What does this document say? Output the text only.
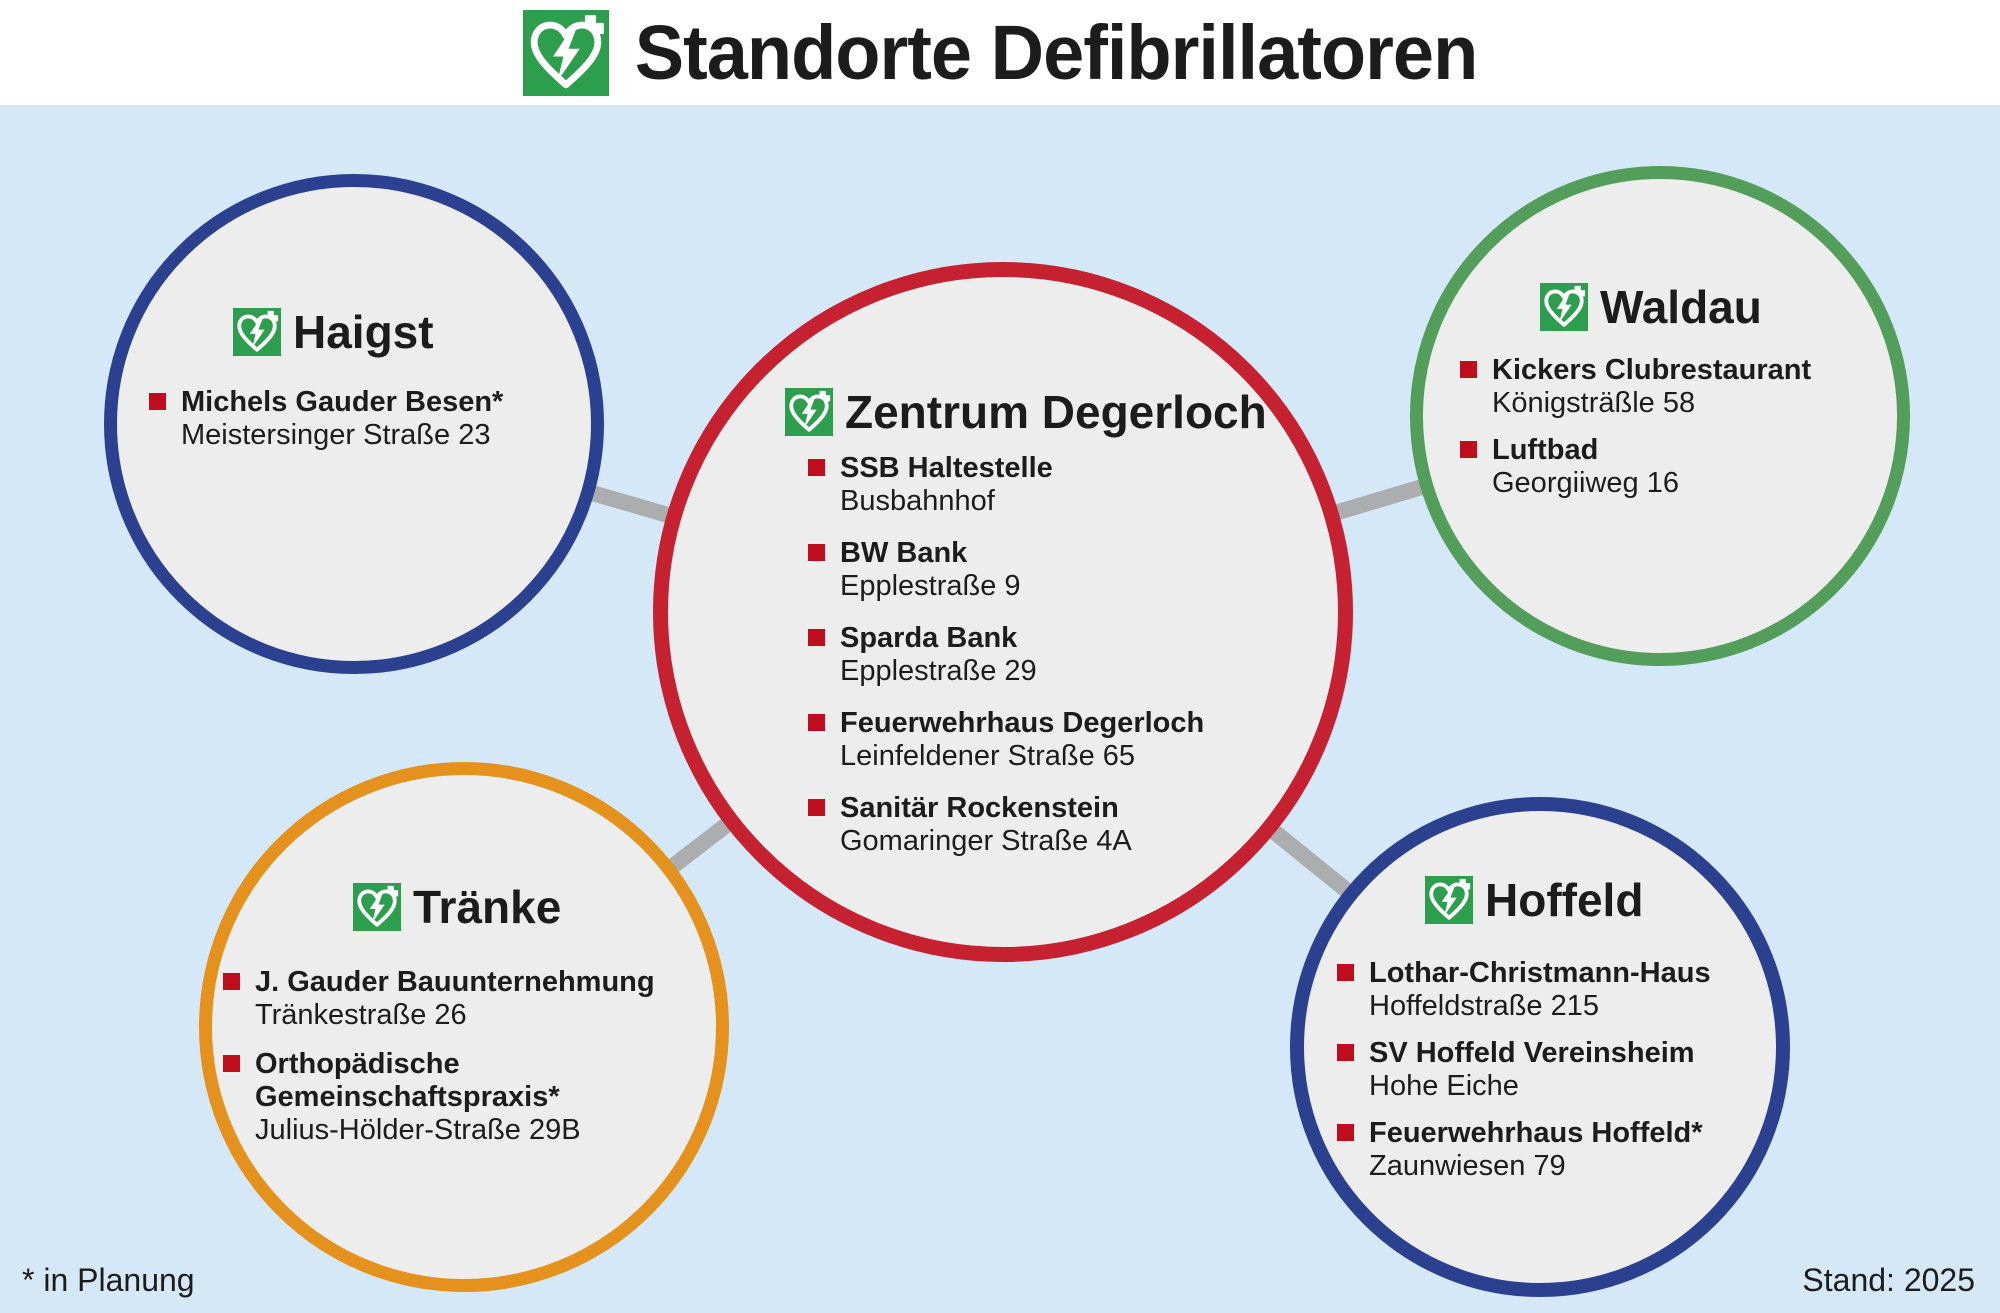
Standorte Defibrillatoren
Haigst
Michels Gauder Besen*
Meistersinger Straße 23	Zentrum Degerloch
SSB Haltestelle
Busbahnhof
BW Bank
Epplestraße 9
Sparda Bank
Epplestraße 29
Feuerwehrhaus Degerloch
Leinfeldener Straße 65
Sanitär Rockenstein
Gomaringer Straße 4A
Waldau
Kickers Clubrestaurant
Königsträßle 58
Luftbad
Georgiiweg 16
Tränke
J. Gauder Bauunternehmung
Tränkestraße 26
Orthopädische Gemeinschaftspraxis*
Julius-Hölder-Straße 29B
Hoffeld
Lothar-Christmann-Haus
Hoffeldstraße 215
SV Hoffeld Vereinsheim
Hohe Eiche
Feuerwehrhaus Hoffeld*
Zaunwiesen 79
* in Planung	Stand: 2025
